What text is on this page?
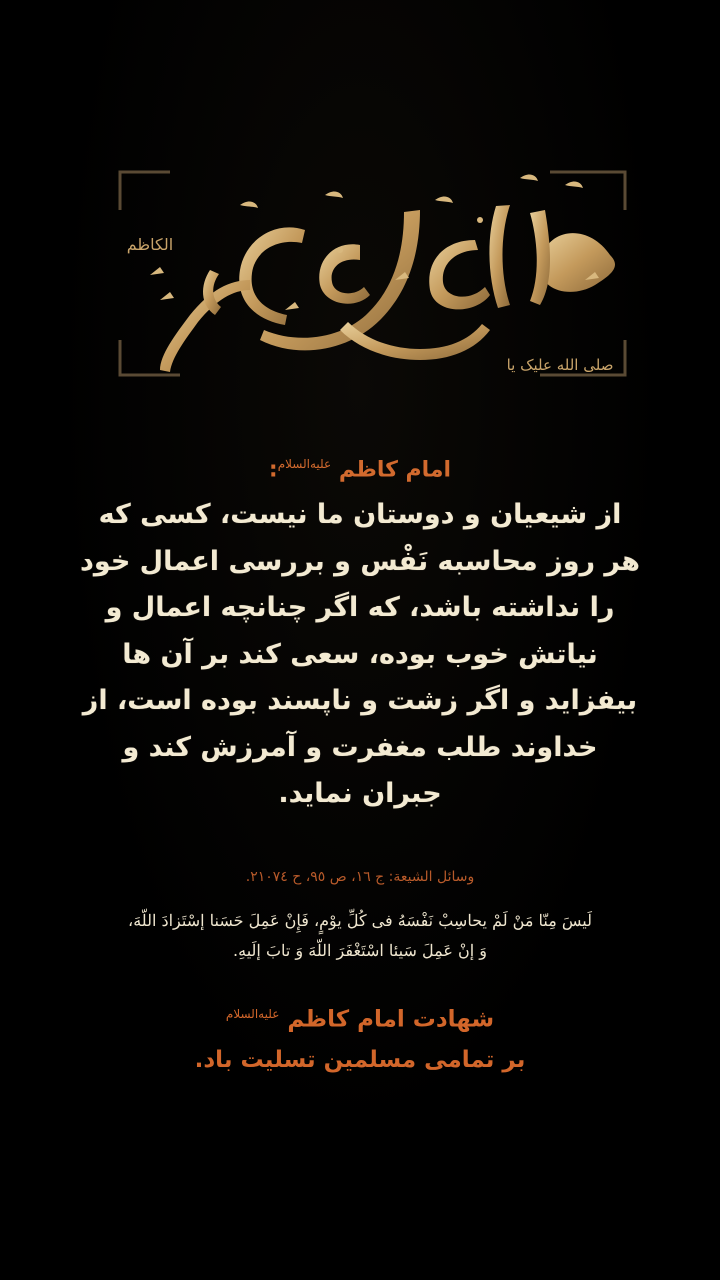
الکاظم
صلی الله علیک یا
امام کاظم $^{علیه‌السلام}$:
از شیعیان و دوستان ما نیست، کسی که
هر روز محاسبه نَفْس و بررسی اعمال خود
را نداشته باشد، که اگر چنانچه اعمال و
نیاتش خوب بوده، سعی کند بر آن ها
بیفزاید و اگر زشت و ناپسند بوده است، از
خداوند طلب مغفرت و آمرزش کند و
جبران نماید.
وسائل الشیعة: ج ١٦، ص ٩٥، ح ٢١٠٧٤.
لَیسَ مِنّا مَنْ لَمْ یحاسِبْ نَفْسَهُ فی کُلِّ یوْمٍ، فَإِنْ عَمِلَ حَسَنا إسْتَزادَ اللّهَ،
وَ إنْ عَمِلَ سَیئا اسْتَغْفَرَ اللّهَ وَ تابَ إلَیهِ.
شهادت امام کاظم $^{علیه‌السلام}$
بر تمامی مسلمین تسلیت باد.
